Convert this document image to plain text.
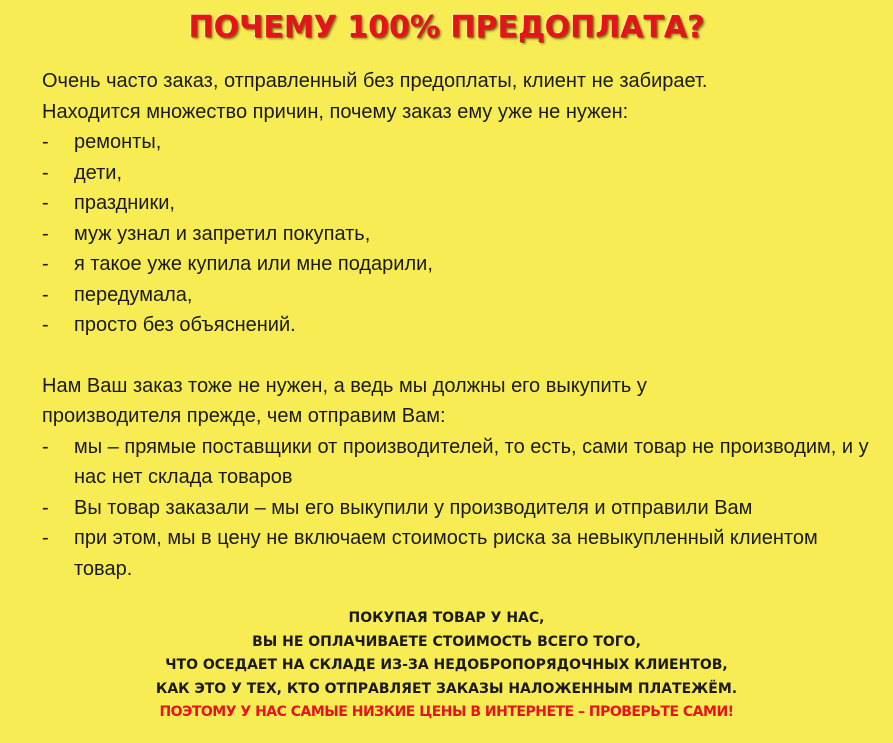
ПОЧЕМУ 100% ПРЕДОПЛАТА?

Очень часто заказ, отправленный без предоплаты, клиент не забирает.

Находится множество причин, почему заказ ему уже не нужен:

- ремонты,
- дети,
- праздники,
- муж узнал и запретил покупать,
- я такое уже купила или мне подарили,
- передумала,
- просто без объяснений.

Нам Ваш заказ тоже не нужен, а ведь мы должны его выкупить у

производителя прежде, чем отправим Вам:

- мы – прямые поставщики от производителей, то есть, сами товар не производим, и у нас нет склада товаров
- Вы товар заказали – мы его выкупили у производителя и отправили Вам
- при этом, мы в цену не включаем стоимость риска за невыкупленный клиентом товар.
ПОКУПАЯ ТОВАР У НАС,
ВЫ НЕ ОПЛАЧИВАЕТЕ СТОИМОСТЬ ВСЕГО ТОГО,
ЧТО ОСЕДАЕТ НА СКЛАДЕ ИЗ-ЗА НЕДОБРОПОРЯДОЧНЫХ КЛИЕНТОВ,
КАК ЭТО У ТЕХ, КТО ОТПРАВЛЯЕТ ЗАКАЗЫ НАЛОЖЕННЫМ ПЛАТЕЖЁМ.
ПОЭТОМУ У НАС САМЫЕ НИЗКИЕ ЦЕНЫ В ИНТЕРНЕТЕ – ПРОВЕРЬТЕ САМИ!
